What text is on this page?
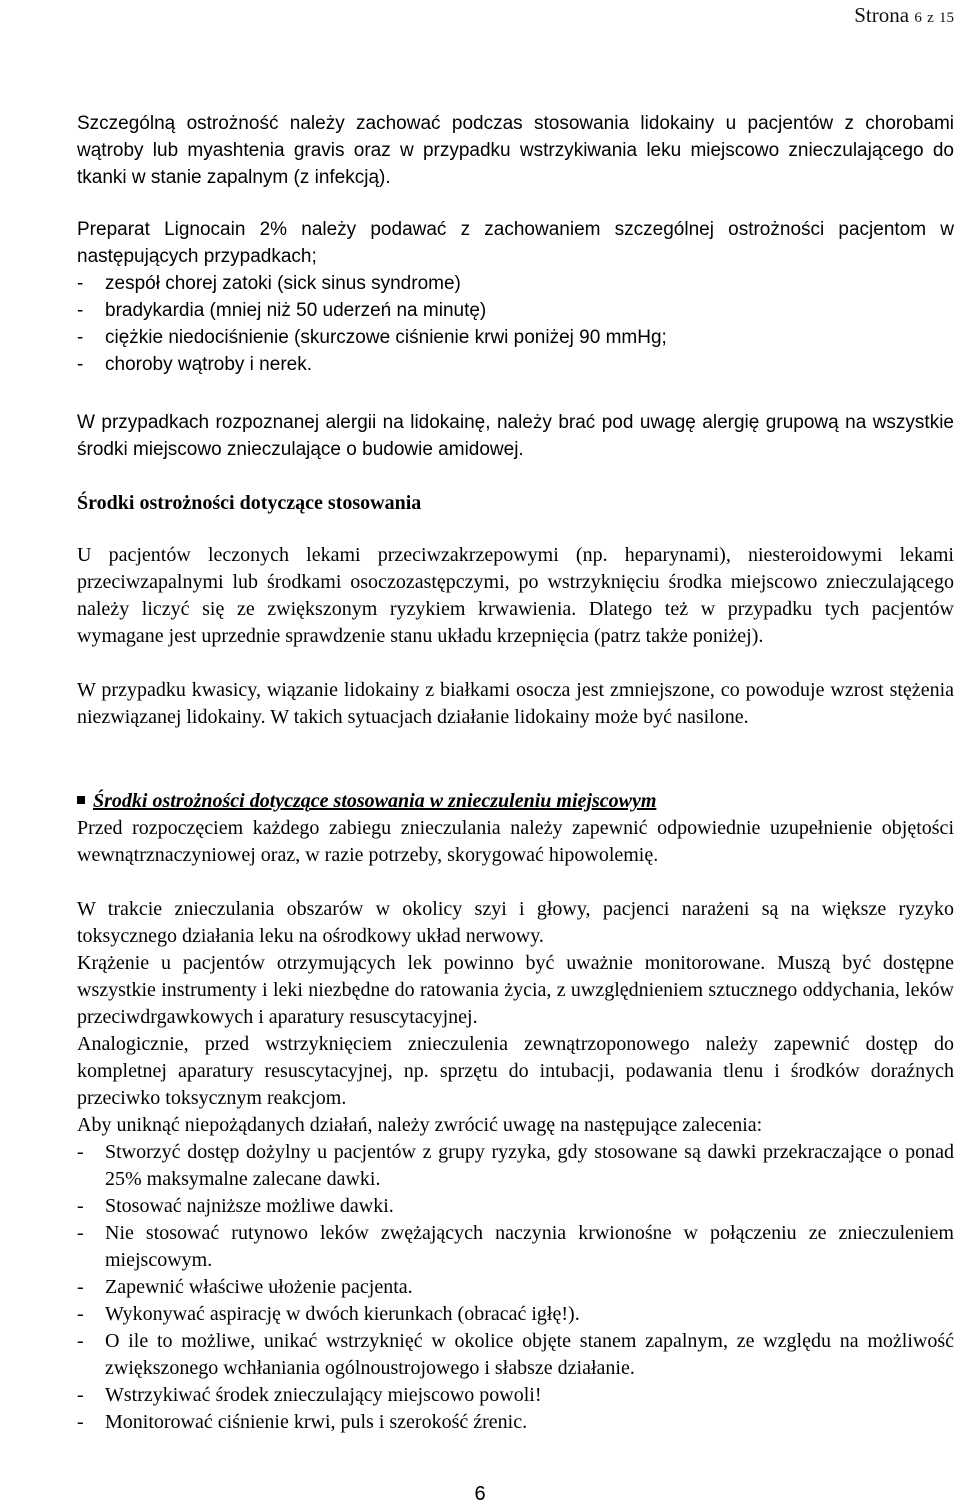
Strona 6 z 15
Szczególną ostrożność należy zachować podczas stosowania lidokainy u pacjentów z chorobami wątroby lub myashtenia gravis oraz w przypadku wstrzykiwania leku miejscowo znieczulającego do tkanki w stanie zapalnym (z infekcją).
Preparat Lignocain 2% należy podawać z zachowaniem szczególnej ostrożności pacjentom w następujących przypadkach;
- zespół chorej zatoki (sick sinus syndrome)
- bradykardia (mniej niż 50 uderzeń na minutę)
- ciężkie niedociśnienie (skurczowe ciśnienie krwi poniżej 90 mmHg;
- choroby wątroby i nerek.
W przypadkach rozpoznanej alergii na lidokainę, należy brać pod uwagę alergię grupową na wszystkie środki miejscowo znieczulające o budowie amidowej.
Środki ostrożności dotyczące stosowania
U pacjentów leczonych lekami przeciwzakrzepowymi (np. heparynami), niesteroidowymi lekami przeciwzapalnymi lub środkami osoczozastępczymi, po wstrzyknięciu środka miejscowo znieczulającego należy liczyć się ze zwiększonym ryzykiem krwawienia. Dlatego też w przypadku tych pacjentów wymagane jest uprzednie sprawdzenie stanu układu krzepnięcia (patrz także poniżej).
W przypadku kwasicy, wiązanie lidokainy z białkami osocza jest zmniejszone, co powoduje wzrost stężenia niezwiązanej lidokainy. W takich sytuacjach działanie lidokainy może być nasilone.
Środki ostrożności dotyczące stosowania w znieczuleniu miejscowym
Przed rozpoczęciem każdego zabiegu znieczulania należy zapewnić odpowiednie uzupełnienie objętości wewnątrznaczyniowej oraz, w razie potrzeby, skorygować hipowolemię.
W trakcie znieczulania obszarów w okolicy szyi i głowy, pacjenci narażeni są na większe ryzyko toksycznego działania leku na ośrodkowy układ nerwowy.
Krążenie u pacjentów otrzymujących lek powinno być uważnie monitorowane. Muszą być dostępne wszystkie instrumenty i leki niezbędne do ratowania życia, z uwzględnieniem sztucznego oddychania, leków przeciwdrgawkowych i aparatury resuscytacyjnej.
Analogicznie, przed wstrzyknięciem znieczulenia zewnątrzoponowego należy zapewnić dostęp do kompletnej aparatury resuscytacyjnej, np. sprzętu do intubacji, podawania tlenu i środków doraźnych przeciwko toksycznym reakcjom.
Aby uniknąć niepożądanych działań, należy zwrócić uwagę na następujące zalecenia:
- Stworzyć dostęp dożylny u pacjentów z grupy ryzyka, gdy stosowane są dawki przekraczające o ponad 25% maksymalne zalecane dawki.
- Stosować najniższe możliwe dawki.
- Nie stosować rutynowo leków zwężających naczynia krwionośne w połączeniu ze znieczuleniem miejscowym.
- Zapewnić właściwe ułożenie pacjenta.
- Wykonywać aspirację w dwóch kierunkach (obracać igłę!).
- O ile to możliwe, unikać wstrzyknięć w okolice objęte stanem zapalnym, ze względu na możliwość zwiększonego wchłaniania ogólnoustrojowego i słabsze działanie.
- Wstrzykiwać środek znieczulający miejscowo powoli!
- Monitorować ciśnienie krwi, puls i szerokość źrenic.
6
